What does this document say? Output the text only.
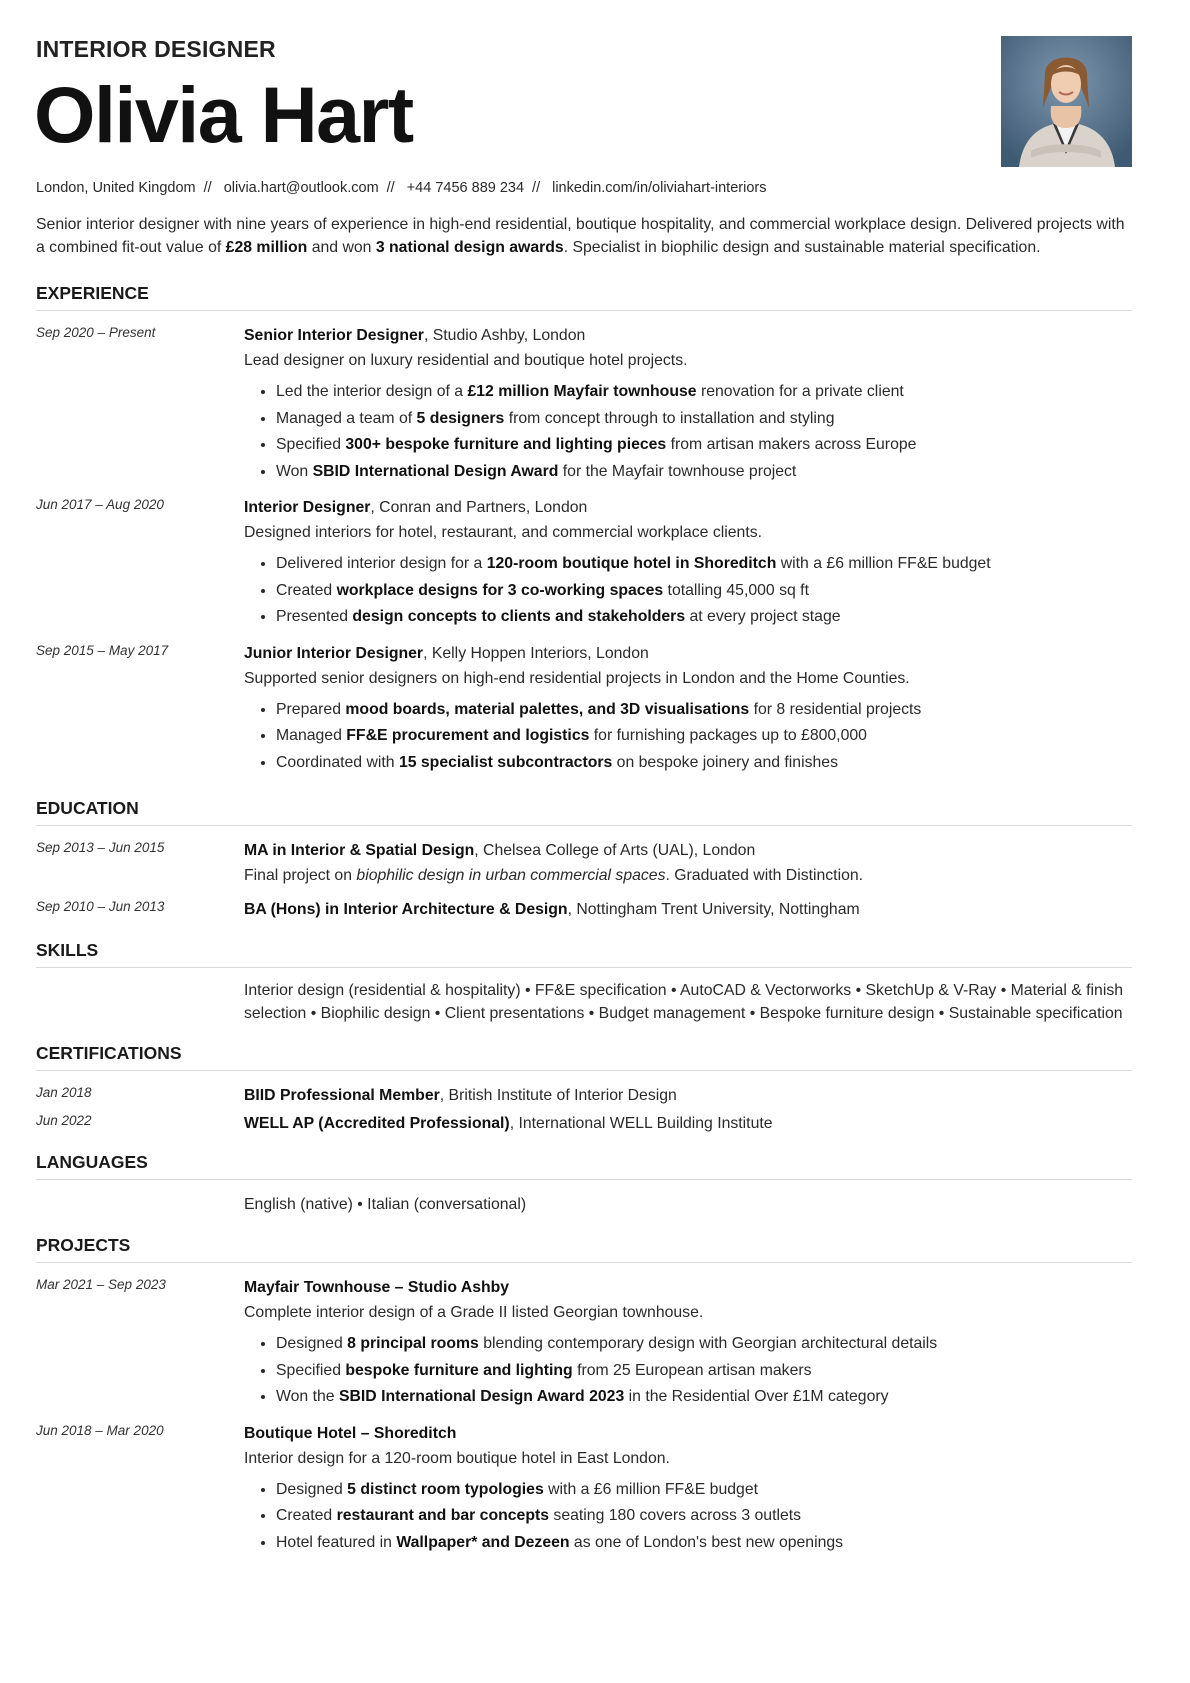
INTERIOR DESIGNER
Olivia Hart
London, United Kingdom // olivia.hart@outlook.com // +44 7456 889 234 // linkedin.com/in/oliviahart-interiors
Senior interior designer with nine years of experience in high-end residential, boutique hospitality, and commercial workplace design. Delivered projects with a combined fit-out value of £28 million and won 3 national design awards. Specialist in biophilic design and sustainable material specification.
EXPERIENCE
Sep 2020 – Present	Senior Interior Designer, Studio Ashby, London
Lead designer on luxury residential and boutique hotel projects.
• Led the interior design of a £12 million Mayfair townhouse renovation for a private client
• Managed a team of 5 designers from concept through to installation and styling
• Specified 300+ bespoke furniture and lighting pieces from artisan makers across Europe
• Won SBID International Design Award for the Mayfair townhouse project
Jun 2017 – Aug 2020	Interior Designer, Conran and Partners, London
Designed interiors for hotel, restaurant, and commercial workplace clients.
• Delivered interior design for a 120-room boutique hotel in Shoreditch with a £6 million FF&E budget
• Created workplace designs for 3 co-working spaces totalling 45,000 sq ft
• Presented design concepts to clients and stakeholders at every project stage
Sep 2015 – May 2017	Junior Interior Designer, Kelly Hoppen Interiors, London
Supported senior designers on high-end residential projects in London and the Home Counties.
• Prepared mood boards, material palettes, and 3D visualisations for 8 residential projects
• Managed FF&E procurement and logistics for furnishing packages up to £800,000
• Coordinated with 15 specialist subcontractors on bespoke joinery and finishes
EDUCATION
Sep 2013 – Jun 2015	MA in Interior & Spatial Design, Chelsea College of Arts (UAL), London
Final project on biophilic design in urban commercial spaces. Graduated with Distinction.
Sep 2010 – Jun 2013	BA (Hons) in Interior Architecture & Design, Nottingham Trent University, Nottingham
SKILLS
Interior design (residential & hospitality) • FF&E specification • AutoCAD & Vectorworks • SketchUp & V-Ray • Material & finish selection • Biophilic design • Client presentations • Budget management • Bespoke furniture design • Sustainable specification
CERTIFICATIONS
Jan 2018	BIID Professional Member, British Institute of Interior Design
Jun 2022	WELL AP (Accredited Professional), International WELL Building Institute
LANGUAGES
English (native) • Italian (conversational)
PROJECTS
Mar 2021 – Sep 2023	Mayfair Townhouse – Studio Ashby
Complete interior design of a Grade II listed Georgian townhouse.
• Designed 8 principal rooms blending contemporary design with Georgian architectural details
• Specified bespoke furniture and lighting from 25 European artisan makers
• Won the SBID International Design Award 2023 in the Residential Over £1M category
Jun 2018 – Mar 2020	Boutique Hotel – Shoreditch
Interior design for a 120-room boutique hotel in East London.
• Designed 5 distinct room typologies with a £6 million FF&E budget
• Created restaurant and bar concepts seating 180 covers across 3 outlets
• Hotel featured in Wallpaper* and Dezeen as one of London's best new openings
